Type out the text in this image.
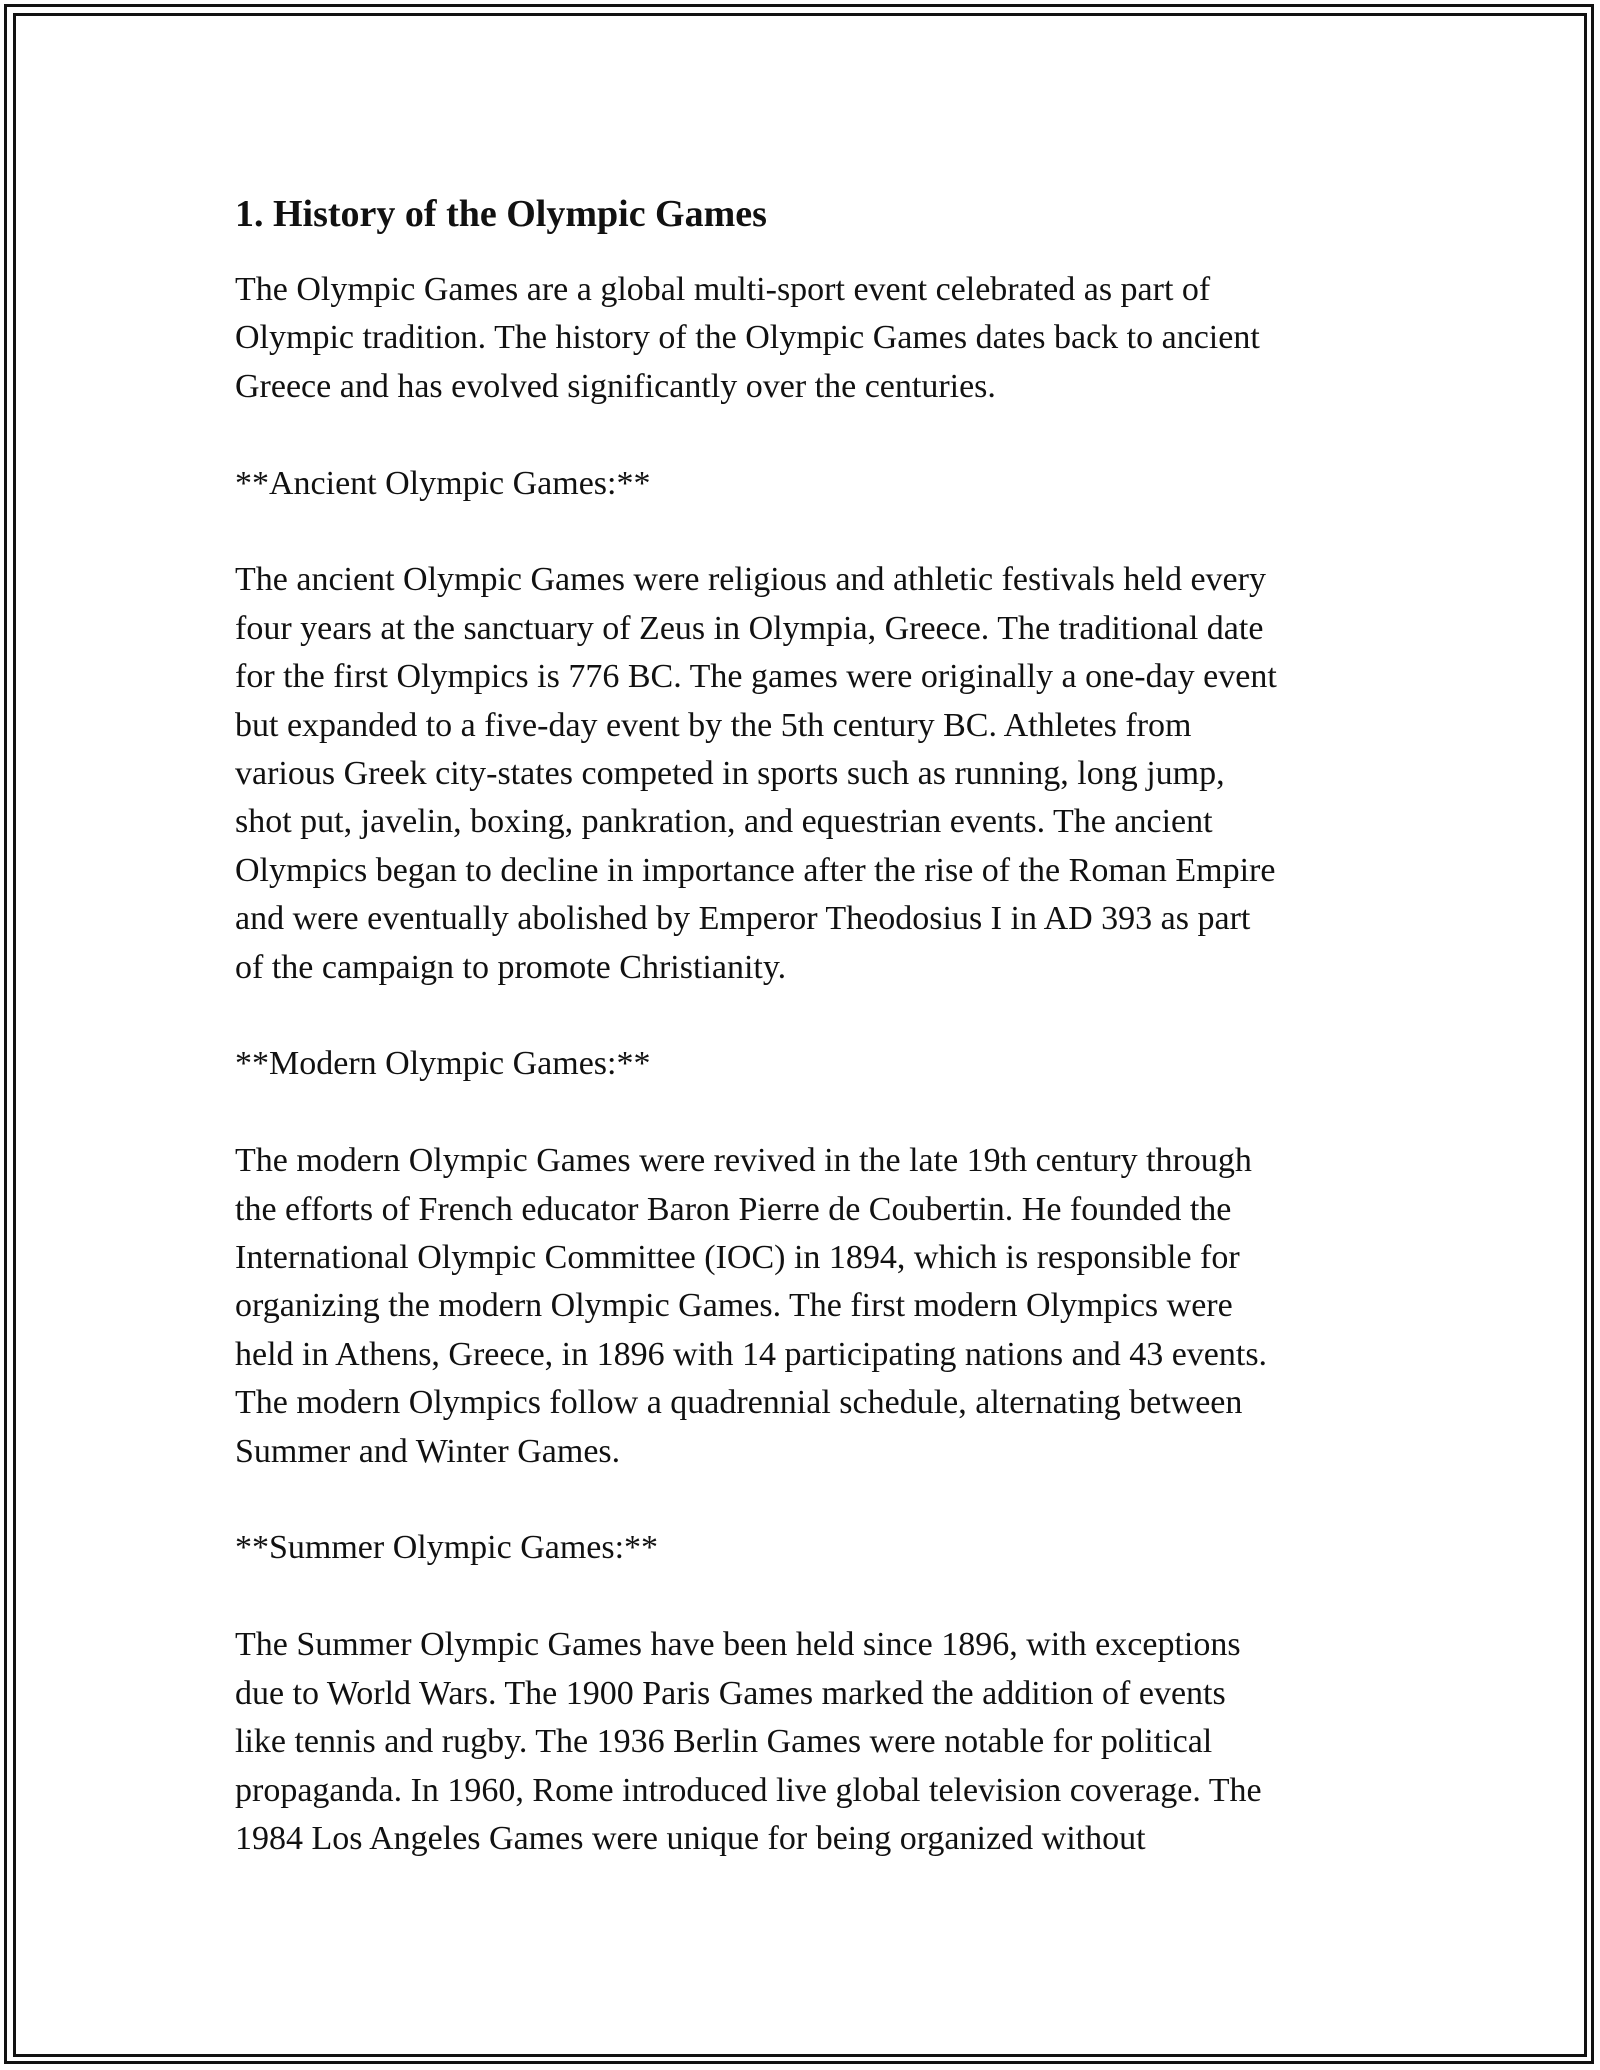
1. History of the Olympic Games

The Olympic Games are a global multi-sport event celebrated as part of
Olympic tradition. The history of the Olympic Games dates back to ancient
Greece and has evolved significantly over the centuries.

**Ancient Olympic Games:**

The ancient Olympic Games were religious and athletic festivals held every
four years at the sanctuary of Zeus in Olympia, Greece. The traditional date
for the first Olympics is 776 BC. The games were originally a one-day event
but expanded to a five-day event by the 5th century BC. Athletes from
various Greek city-states competed in sports such as running, long jump,
shot put, javelin, boxing, pankration, and equestrian events. The ancient
Olympics began to decline in importance after the rise of the Roman Empire
and were eventually abolished by Emperor Theodosius I in AD 393 as part
of the campaign to promote Christianity.

**Modern Olympic Games:**

The modern Olympic Games were revived in the late 19th century through
the efforts of French educator Baron Pierre de Coubertin. He founded the
International Olympic Committee (IOC) in 1894, which is responsible for
organizing the modern Olympic Games. The first modern Olympics were
held in Athens, Greece, in 1896 with 14 participating nations and 43 events.
The modern Olympics follow a quadrennial schedule, alternating between
Summer and Winter Games.

**Summer Olympic Games:**

The Summer Olympic Games have been held since 1896, with exceptions
due to World Wars. The 1900 Paris Games marked the addition of events
like tennis and rugby. The 1936 Berlin Games were notable for political
propaganda. In 1960, Rome introduced live global television coverage. The
1984 Los Angeles Games were unique for being organized without
